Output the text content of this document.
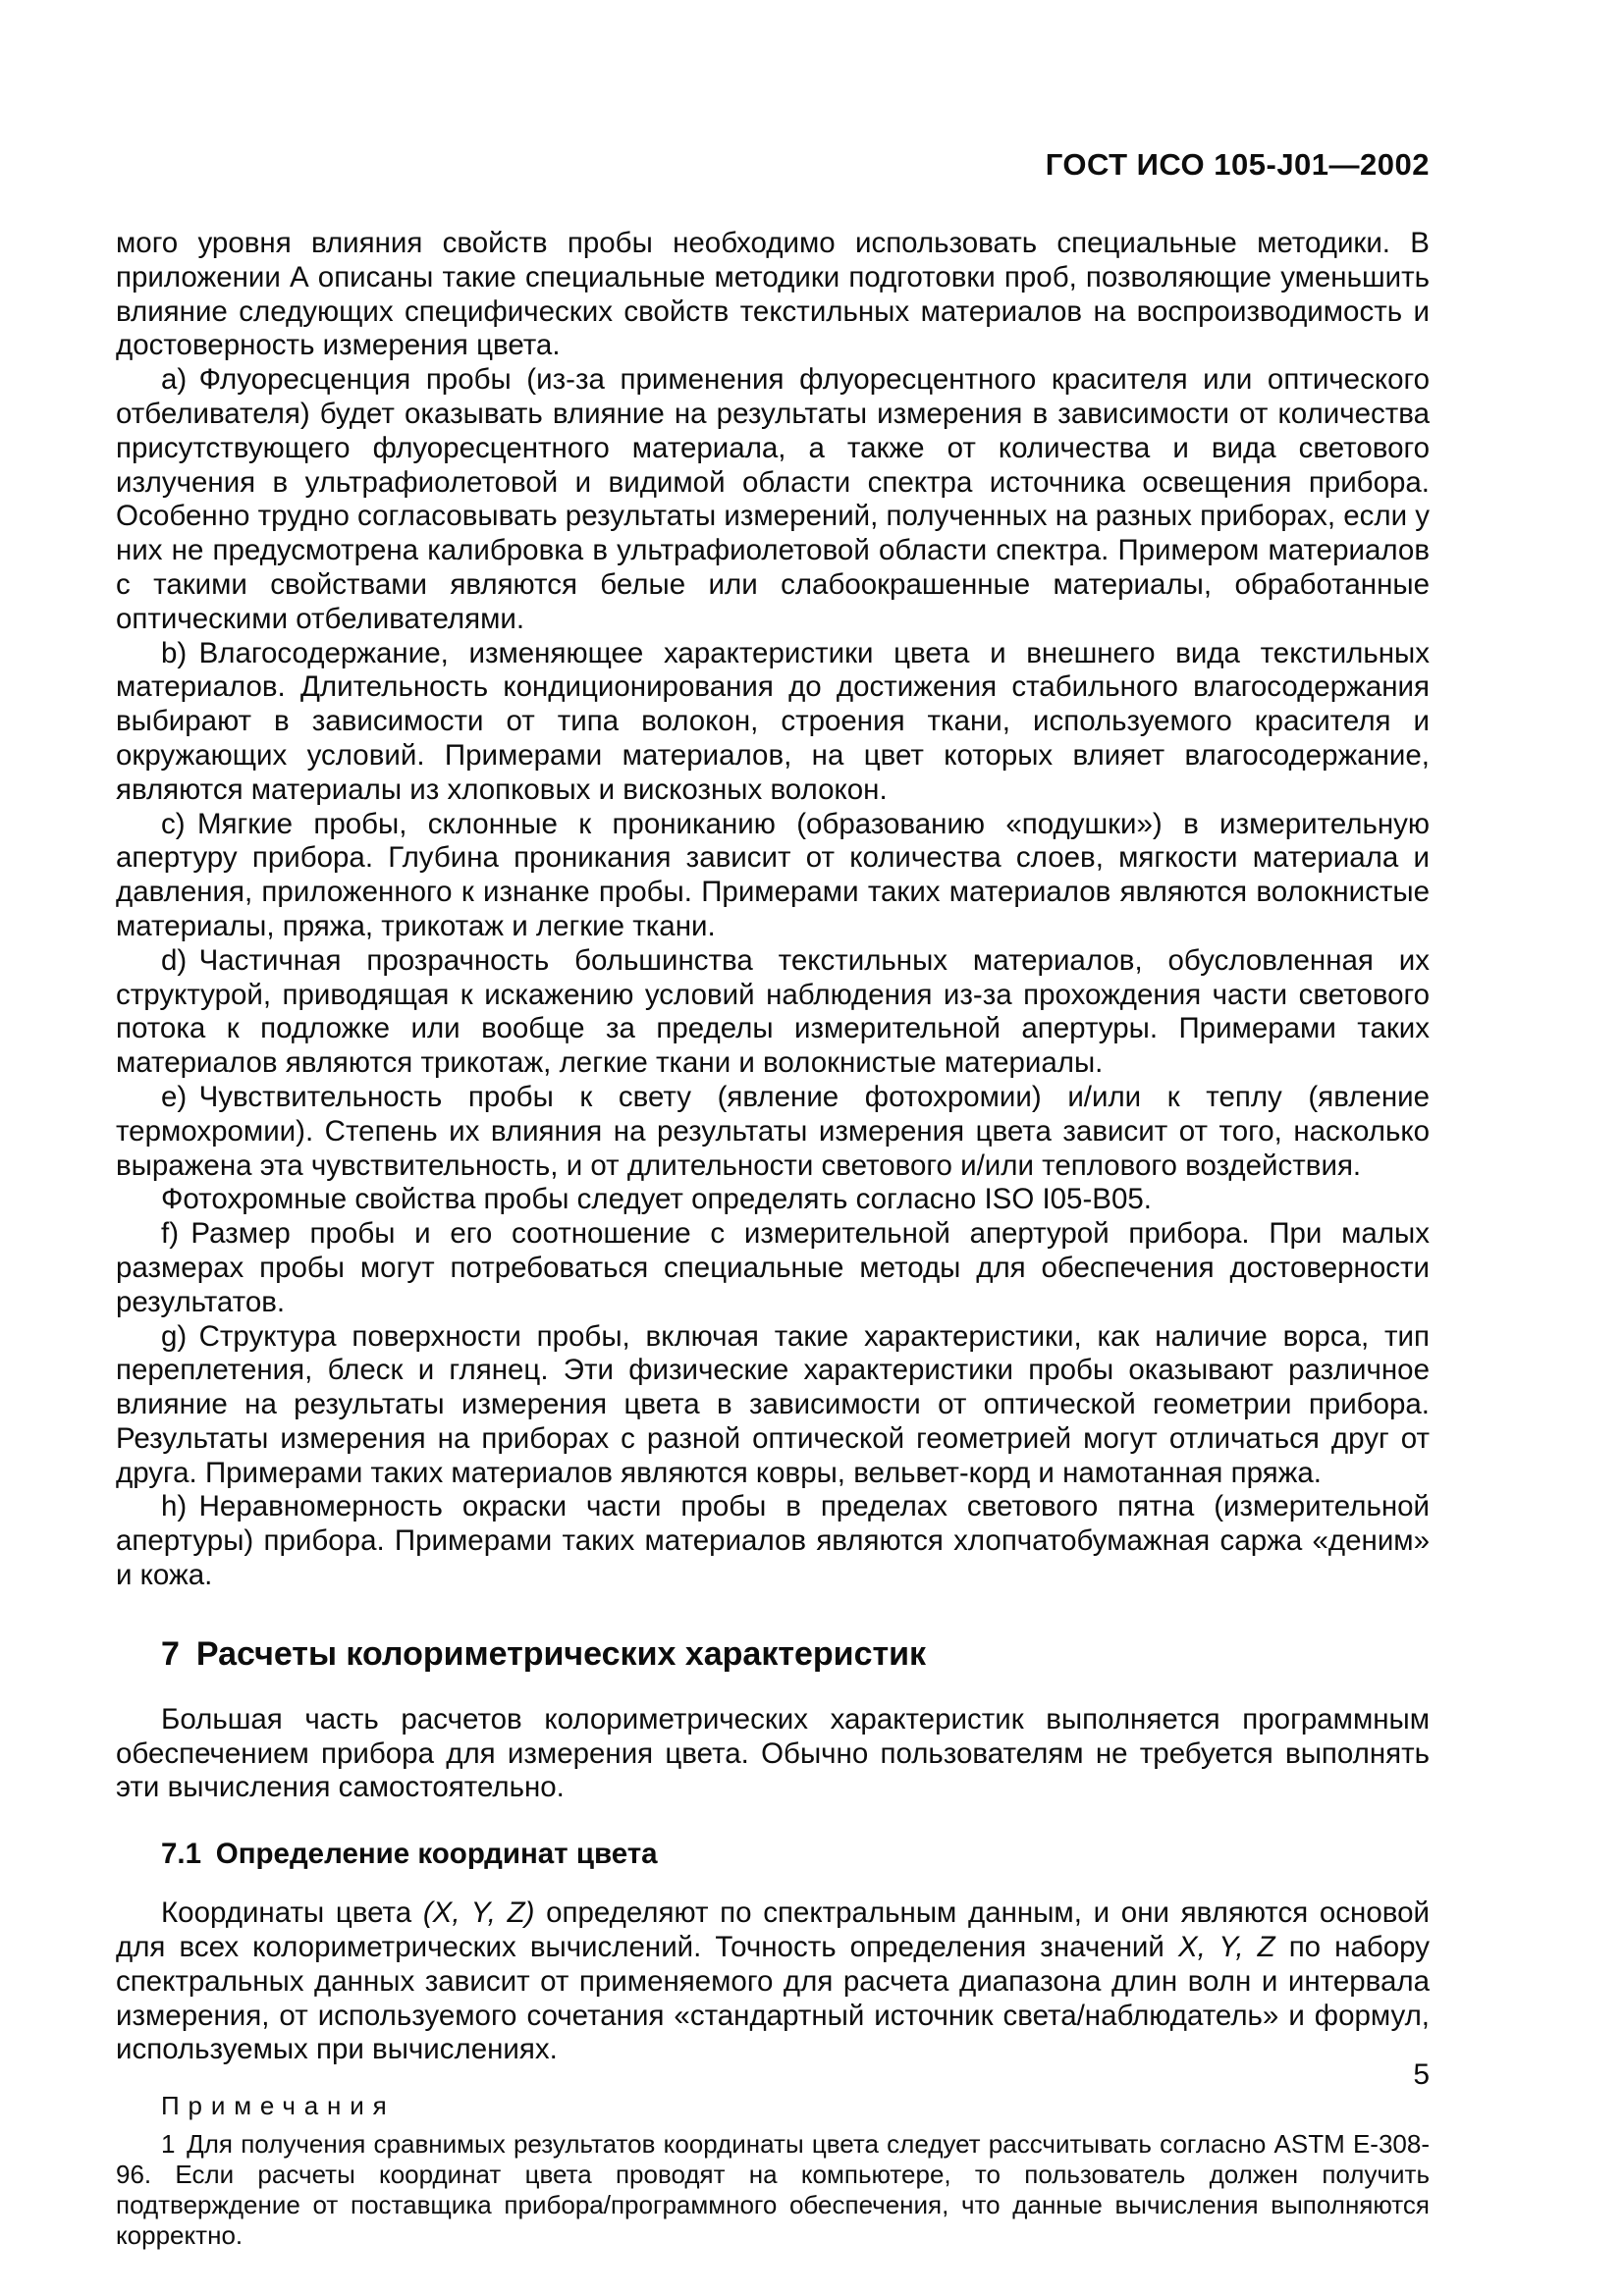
ГОСТ ИСО 105-J01—2002

мого уровня влияния свойств пробы необходимо использовать специальные методики. В приложении А описаны такие специальные методики подготовки проб, позволяющие уменьшить влияние следующих специфических свойств текстильных материалов на воспроизводимость и достоверность измерения цвета.

a) Флуоресценция пробы (из-за применения флуоресцентного красителя или оптического отбеливателя) будет оказывать влияние на результаты измерения в зависимости от количества присутствующего флуоресцентного материала, а также от количества и вида светового излучения в ультрафиолетовой и видимой области спектра источника освещения прибора. Особенно трудно согласовывать результаты измерений, полученных на разных приборах, если у них не предусмотрена калибровка в ультрафиолетовой области спектра. Примером материалов с такими свойствами являются белые или слабоокрашенные материалы, обработанные оптическими отбеливателями.

b) Влагосодержание, изменяющее характеристики цвета и внешнего вида текстильных материалов. Длительность кондиционирования до достижения стабильного влагосодержания выбирают в зависимости от типа волокон, строения ткани, используемого красителя и окружающих условий. Примерами материалов, на цвет которых влияет влагосодержание, являются материалы из хлопковых и вискозных волокон.

c) Мягкие пробы, склонные к прониканию (образованию «подушки») в измерительную апертуру прибора. Глубина проникания зависит от количества слоев, мягкости материала и давления, приложенного к изнанке пробы. Примерами таких материалов являются волокнистые материалы, пряжа, трикотаж и легкие ткани.

d) Частичная прозрачность большинства текстильных материалов, обусловленная их структурой, приводящая к искажению условий наблюдения из-за прохождения части светового потока к подложке или вообще за пределы измерительной апертуры. Примерами таких материалов являются трикотаж, легкие ткани и волокнистые материалы.

e) Чувствительность пробы к свету (явление фотохромии) и/или к теплу (явление термохромии). Степень их влияния на результаты измерения цвета зависит от того, насколько выражена эта чувствительность, и от длительности светового и/или теплового воздействия.

Фотохромные свойства пробы следует определять согласно ISO I05-B05.

f) Размер пробы и его соотношение с измерительной апертурой прибора. При малых размерах пробы могут потребоваться специальные методы для обеспечения достоверности результатов.

g) Структура поверхности пробы, включая такие характеристики, как наличие ворса, тип переплетения, блеск и глянец. Эти физические характеристики пробы оказывают различное влияние на результаты измерения цвета в зависимости от оптической геометрии прибора. Результаты измерения на приборах с разной оптической геометрией могут отличаться друг от друга. Примерами таких материалов являются ковры, вельвет-корд и намотанная пряжа.

h) Неравномерность окраски части пробы в пределах светового пятна (измерительной апертуры) прибора. Примерами таких материалов являются хлопчатобумажная саржа «деним» и кожа.

7 Расчеты колориметрических характеристик

Большая часть расчетов колориметрических характеристик выполняется программным обеспечением прибора для измерения цвета. Обычно пользователям не требуется выполнять эти вычисления самостоятельно.

7.1 Определение координат цвета

Координаты цвета (X, Y, Z) определяют по спектральным данным, и они являются основой для всех колориметрических вычислений. Точность определения значений X, Y, Z по набору спектральных данных зависит от применяемого для расчета диапазона длин волн и интервала измерения, от используемого сочетания «стандартный источник света/наблюдатель» и формул, используемых при вычислениях.

Примечания

1 Для получения сравнимых результатов координаты цвета следует рассчитывать согласно ASTM E-308-96. Если расчеты координат цвета проводят на компьютере, то пользователь должен получить подтверждение от поставщика прибора/программного обеспечения, что данные вычисления выполняются корректно.

5
